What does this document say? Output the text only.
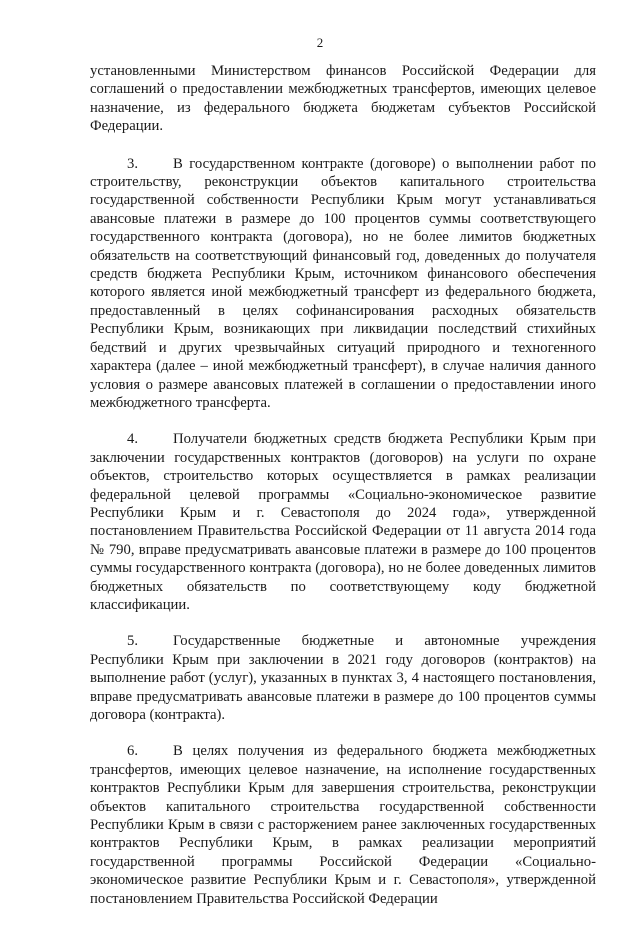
2

установленными Министерством финансов Российской Федерации для соглашений о предоставлении межбюджетных трансфертов, имеющих целевое назначение, из федерального бюджета бюджетам субъектов Российской Федерации.

3. В государственном контракте (договоре) о выполнении работ по строительству, реконструкции объектов капитального строительства государственной собственности Республики Крым могут устанавливаться авансовые платежи в размере до 100 процентов суммы соответствующего государственного контракта (договора), но не более лимитов бюджетных обязательств на соответствующий финансовый год, доведенных до получателя средств бюджета Республики Крым, источником финансового обеспечения которого является иной межбюджетный трансферт из федерального бюджета, предоставленный в целях софинансирования расходных обязательств Республики Крым, возникающих при ликвидации последствий стихийных бедствий и других чрезвычайных ситуаций природного и техногенного характера (далее – иной межбюджетный трансферт), в случае наличия данного условия о размере авансовых платежей в соглашении о предоставлении иного межбюджетного трансферта.

4. Получатели бюджетных средств бюджета Республики Крым при заключении государственных контрактов (договоров) на услуги по охране объектов, строительство которых осуществляется в рамках реализации федеральной целевой программы «Социально-экономическое развитие Республики Крым и г. Севастополя до 2024 года», утвержденной постановлением Правительства Российской Федерации от 11 августа 2014 года № 790, вправе предусматривать авансовые платежи в размере до 100 процентов суммы государственного контракта (договора), но не более доведенных лимитов бюджетных обязательств по соответствующему коду бюджетной классификации.

5. Государственные бюджетные и автономные учреждения Республики Крым при заключении в 2021 году договоров (контрактов) на выполнение работ (услуг), указанных в пунктах 3, 4 настоящего постановления, вправе предусматривать авансовые платежи в размере до 100 процентов суммы договора (контракта).

6. В целях получения из федерального бюджета межбюджетных трансфертов, имеющих целевое назначение, на исполнение государственных контрактов Республики Крым для завершения строительства, реконструкции объектов капитального строительства государственной собственности Республики Крым в связи с расторжением ранее заключенных государственных контрактов Республики Крым, в рамках реализации мероприятий государственной программы Российской Федерации «Социально-экономическое развитие Республики Крым и г. Севастополя», утвержденной постановлением Правительства Российской Федерации
